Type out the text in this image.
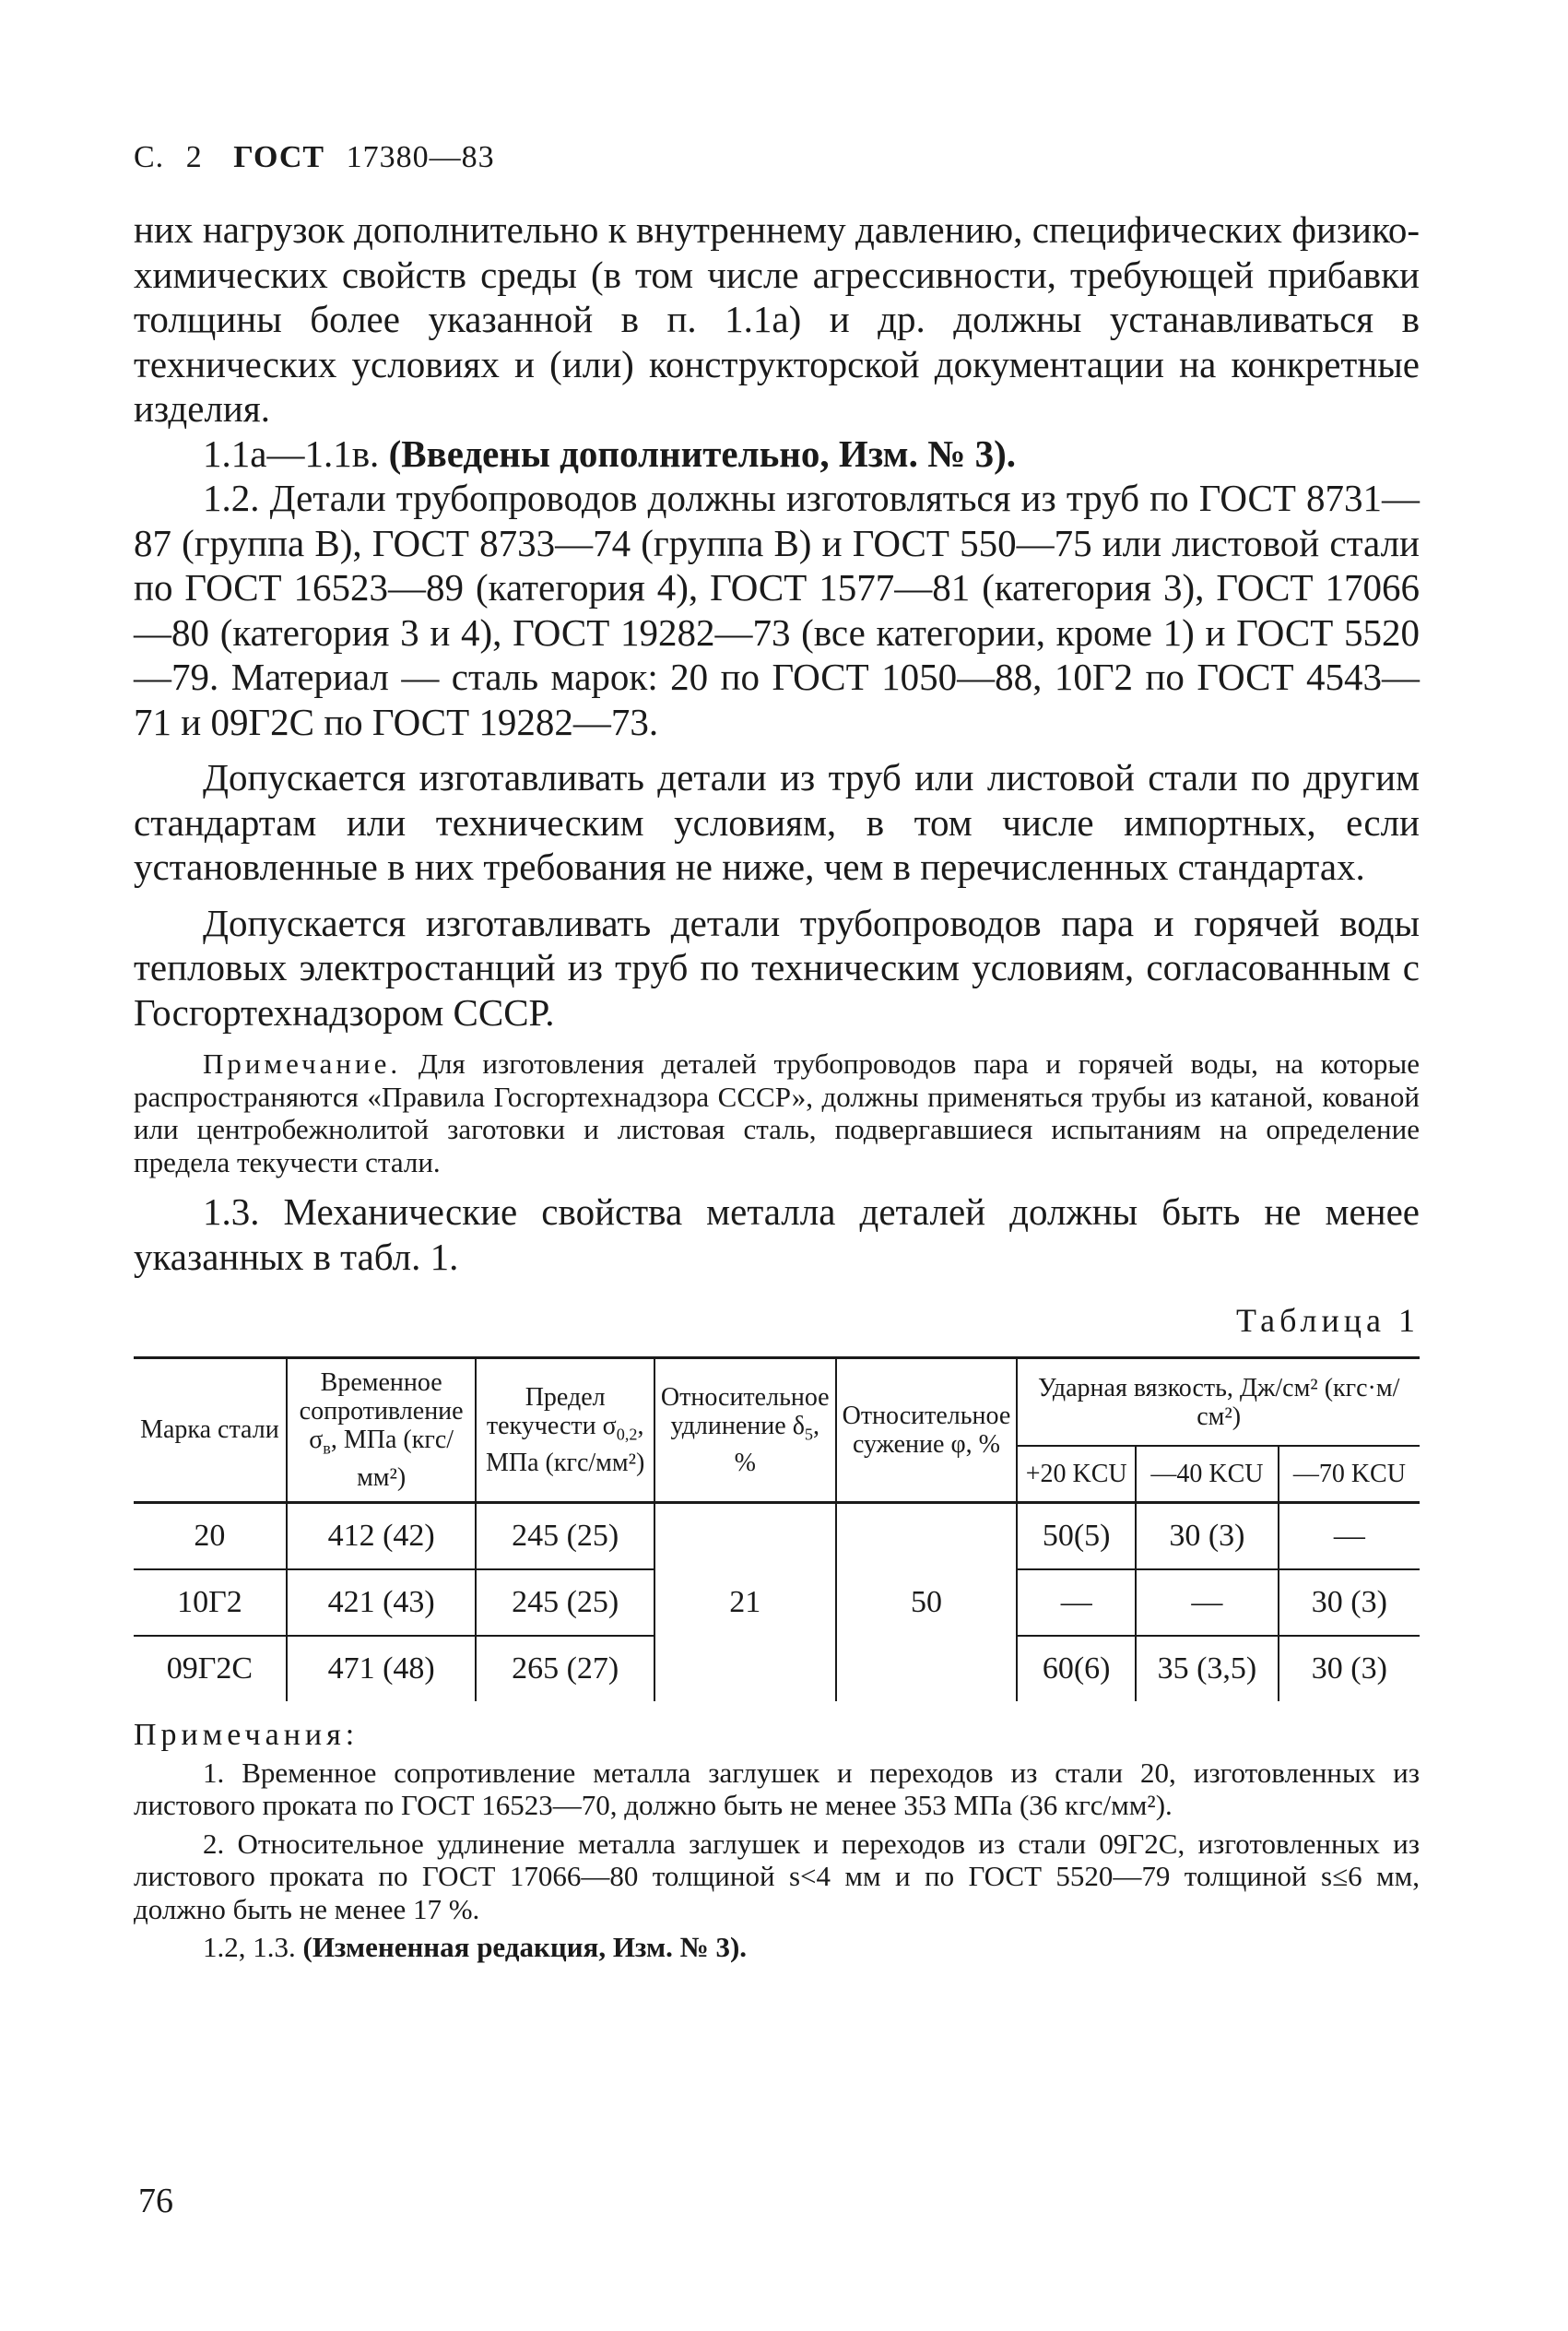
С. 2 ГОСТ 17380—83

них нагрузок дополнительно к внутреннему давлению, специфических физико-химических свойств среды (в том числе агрессивности, требующей прибавки толщины более указанной в п. 1.1а) и др. должны устанавливаться в технических условиях и (или) конструкторской документации на конкретные изделия.

1.1а—1.1в. (Введены дополнительно, Изм. № 3).

1.2. Детали трубопроводов должны изготовляться из труб по ГОСТ 8731—87 (группа В), ГОСТ 8733—74 (группа В) и ГОСТ 550—75 или листовой стали по ГОСТ 16523—89 (категория 4), ГОСТ 1577—81 (категория 3), ГОСТ 17066—80 (категория 3 и 4), ГОСТ 19282—73 (все категории, кроме 1) и ГОСТ 5520—79. Материал — сталь марок: 20 по ГОСТ 1050—88, 10Г2 по ГОСТ 4543—71 и 09Г2С по ГОСТ 19282—73.

Допускается изготавливать детали из труб или листовой стали по другим стандартам или техническим условиям, в том числе импортных, если установленные в них требования не ниже, чем в перечисленных стандартах.

Допускается изготавливать детали трубопроводов пара и горячей воды тепловых электростанций из труб по техническим условиям, согласованным с Госгортехнадзором СССР.

Примечание. Для изготовления деталей трубопроводов пара и горячей воды, на которые распространяются «Правила Госгортехнадзора СССР», должны применяться трубы из катаной, кованой или центробежнолитой заготовки и листовая сталь, подвергавшиеся испытаниям на определение предела текучести стали.

1.3. Механические свойства металла деталей должны быть не менее указанных в табл. 1.

Таблица 1
Марка стали	Временное сопротивление $\sigma_в$, МПа (кгс/мм²)	Предел текучести $\sigma_{0,2}$, МПа (кгс/мм²)	Относительное удлинение $\delta_5$, %	Относительное сужение φ, %	Ударная вязкость, Дж/см² (кгс·м/см²)		
					+20 KCU	—40 KCU	—70 KCU
20	412 (42)	245 (25)	21	50	50(5)	30 (3)	—
10Г2	421 (43)	245 (25)			—	—	30 (3)
09Г2С	471 (48)	265 (27)			60(6)	35 (3,5)	30 (3)

Примечания:

1. Временное сопротивление металла заглушек и переходов из стали 20, изготовленных из листового проката по ГОСТ 16523—70, должно быть не менее 353 МПа (36 кгс/мм²).

2. Относительное удлинение металла заглушек и переходов из стали 09Г2С, изготовленных из листового проката по ГОСТ 17066—80 толщиной s<4 мм и по ГОСТ 5520—79 толщиной s≤6 мм, должно быть не менее 17 %.

1.2, 1.3. (Измененная редакция, Изм. № 3).

76
